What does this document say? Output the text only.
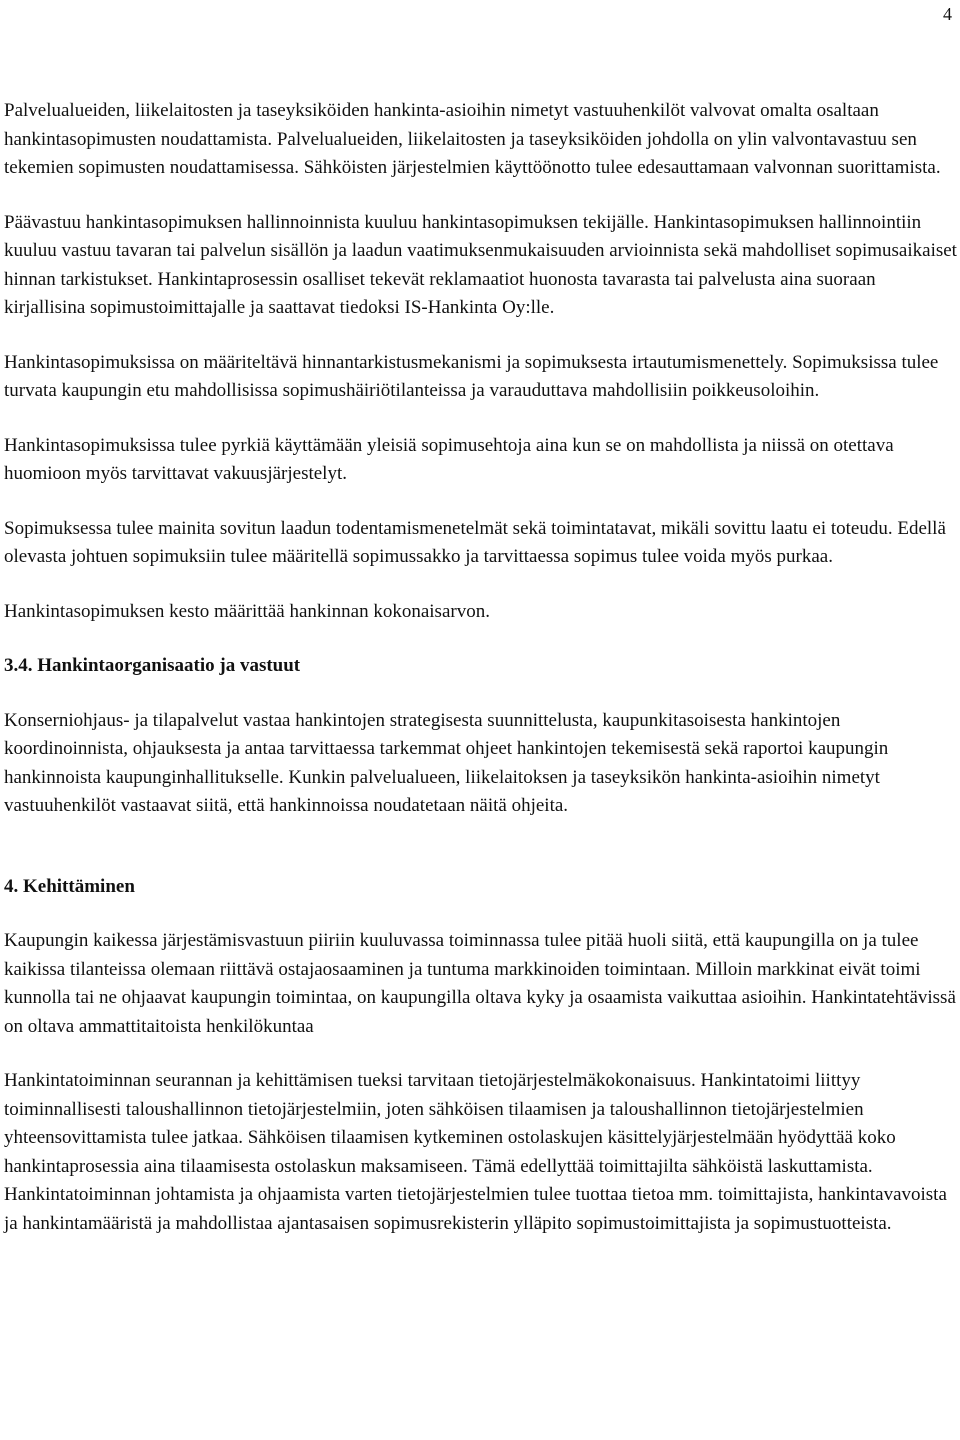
4

Palvelualueiden, liikelaitosten ja taseyksiköiden hankinta-asioihin nimetyt vastuuhenkilöt valvovat omalta osaltaan hankintasopimusten noudattamista. Palvelualueiden, liikelaitosten ja taseyksiköiden johdolla on ylin valvontavastuu sen tekemien sopimusten noudattamisessa. Sähköisten järjestelmien käyttöönotto tulee edesauttamaan valvonnan suorittamista.

Päävastuu hankintasopimuksen hallinnoinnista kuuluu hankintasopimuksen tekijälle. Hankintasopimuksen hallinnointiin kuuluu vastuu tavaran tai palvelun sisällön ja laadun vaatimuksenmukaisuuden arvioinnista sekä mahdolliset sopimusaikaiset hinnan tarkistukset. Hankintaprosessin osalliset tekevät reklamaatiot huonosta tavarasta tai palvelusta aina suoraan kirjallisina sopimustoimittajalle ja saattavat tiedoksi IS-Hankinta Oy:lle.

Hankintasopimuksissa on määriteltävä hinnantarkistusmekanismi ja sopimuksesta irtautumismenettely. Sopimuksissa tulee turvata kaupungin etu mahdollisissa sopimushäiriötilanteissa ja varauduttava mahdollisiin poikkeusoloihin.

Hankintasopimuksissa tulee pyrkiä käyttämään yleisiä sopimusehtoja aina kun se on mahdollista ja niissä on otettava huomioon myös tarvittavat vakuusjärjestelyt.

Sopimuksessa tulee mainita sovitun laadun todentamismenetelmät sekä toimintatavat, mikäli sovittu laatu ei toteudu. Edellä olevasta johtuen sopimuksiin tulee määritellä sopimussakko ja tarvittaessa sopimus tulee voida myös purkaa.

Hankintasopimuksen kesto määrittää hankinnan kokonaisarvon.

3.4. Hankintaorganisaatio ja vastuut

Konserniohjaus- ja tilapalvelut vastaa hankintojen strategisesta suunnittelusta, kaupunkitasoisesta hankintojen koordinoinnista, ohjauksesta ja antaa tarvittaessa tarkemmat ohjeet hankintojen tekemisestä sekä raportoi kaupungin hankinnoista kaupunginhallitukselle. Kunkin palvelualueen, liikelaitoksen ja taseyksikön hankinta-asioihin nimetyt vastuuhenkilöt vastaavat siitä, että hankinnoissa noudatetaan näitä ohjeita.

4. Kehittäminen

Kaupungin kaikessa järjestämisvastuun piiriin kuuluvassa toiminnassa tulee pitää huoli siitä, että kaupungilla on ja tulee kaikissa tilanteissa olemaan riittävä ostajaosaaminen ja tuntuma markkinoiden toimintaan. Milloin markkinat eivät toimi kunnolla tai ne ohjaavat kaupungin toimintaa, on kaupungilla oltava kyky ja osaamista vaikuttaa asioihin. Hankintatehtävissä on oltava ammattitaitoista henkilökuntaa

Hankintatoiminnan seurannan ja kehittämisen tueksi tarvitaan tietojärjestelmäkokonaisuus. Hankintatoimi liittyy toiminnallisesti taloushallinnon tietojärjestelmiin, joten sähköisen tilaamisen ja taloushallinnon tietojärjestelmien yhteensovittamista tulee jatkaa. Sähköisen tilaamisen kytkeminen ostolaskujen käsittelyjärjestelmään hyödyttää koko hankintaprosessia aina tilaamisesta ostolaskun maksamiseen. Tämä edellyttää toimittajilta sähköistä laskuttamista. Hankintatoiminnan johtamista ja ohjaamista varten tietojärjestelmien tulee tuottaa tietoa mm. toimittajista, hankintavavoista ja hankintamääristä ja mahdollistaa ajantasaisen sopimusrekisterin ylläpito sopimustoimittajista ja sopimustuotteista.
